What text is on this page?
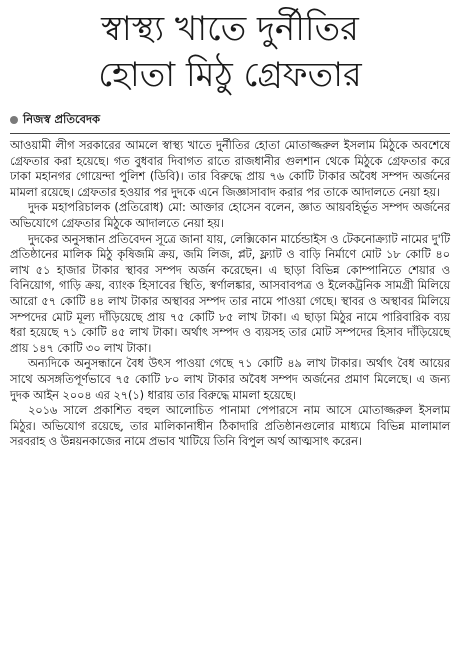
স্বাস্থ্য খাতে দুর্নীতির
হোতা মিঠু গ্রেফতার
নিজস্ব প্রতিবেদক

আওয়ামী লীগ সরকারের আমলে স্বাস্থ্য খাতে দুর্নীতির হোতা মোতাজ্জরুল ইসলাম মিঠুকে অবশেষে গ্রেফতার করা হয়েছে। গত বুধবার দিবাগত রাতে রাজধানীর গুলশান থেকে মিঠুকে গ্রেফতার করে ঢাকা মহানগর গোয়েন্দা পুলিশ (ডিবি)। তার বিরুদ্ধে প্রায় ৭৬ কোটি টাকার অবৈধ সম্পদ অর্জনের মামলা রয়েছে। গ্রেফতার হওয়ার পর দুদকে এনে জিজ্ঞাসাবাদ করার পর তাকে আদালতে নেয়া হয়।

দুদক মহাপরিচালক (প্রতিরোধ) মো: আক্তার হোসেন বলেন, জ্ঞাত আয়বহির্ভূত সম্পদ অর্জনের অভিযোগে গ্রেফতার মিঠুকে আদালতে নেয়া হয়।

দুদকের অনুসন্ধান প্রতিবেদন সূত্রে জানা যায়, লেক্সিকোন মার্চেন্ডাইস ও টেকনোক্র্যাট নামের দু'টি প্রতিষ্ঠানের মালিক মিঠু কৃষিজমি ক্রয়, জমি লিজ, প্লট, ফ্ল্যাট ও বাড়ি নির্মাণে মোট ১৮ কোটি ৪০ লাখ ৫১ হাজার টাকার স্থাবর সম্পদ অর্জন করেছেন। এ ছাড়া বিভিন্ন কোম্পানিতে শেয়ার ও বিনিয়োগ, গাড়ি ক্রয়, ব্যাংক হিসাবের স্থিতি, স্বর্ণালঙ্কার, আসবাবপত্র ও ইলেকট্রনিক সামগ্রী মিলিয়ে আরো ৫৭ কোটি ৪৪ লাখ টাকার অস্থাবর সম্পদ তার নামে পাওয়া গেছে। স্থাবর ও অস্থাবর মিলিয়ে সম্পদের মোট মূল্য দাঁড়িয়েছে প্রায় ৭৫ কোটি ৮৫ লাখ টাকা। এ ছাড়া মিঠুর নামে পারিবারিক ব্যয় ধরা হয়েছে ৭১ কোটি ৪৫ লাখ টাকা। অর্থাৎ সম্পদ ও ব্যয়সহ তার মোট সম্পদের হিসাব দাঁড়িয়েছে প্রায় ১৪৭ কোটি ৩০ লাখ টাকা।

অন্যদিকে অনুসন্ধানে বৈধ উৎস পাওয়া গেছে ৭১ কোটি ৪৯ লাখ টাকার। অর্থাৎ বৈধ আয়ের সাথে অসঙ্গতিপূর্ণভাবে ৭৫ কোটি ৮০ লাখ টাকার অবৈধ সম্পদ অর্জনের প্রমাণ মিলেছে। এ জন্য দুদক আইন ২০০৪ এর ২৭(১) ধারায় তার বিরুদ্ধে মামলা হয়েছে।

২০১৬ সালে প্রকাশিত বহুল আলোচিত পানামা পেপারসে নাম আসে মোতাজ্জরুল ইসলাম মিঠুর। অভিযোগ রয়েছে, তার মালিকানাধীন ঠিকাদারি প্রতিষ্ঠানগুলোর মাধ্যমে বিভিন্ন মালামাল সরবরাহ ও উন্নয়নকাজের নামে প্রভাব খাটিয়ে তিনি বিপুল অর্থ আত্মসাৎ করেন।
